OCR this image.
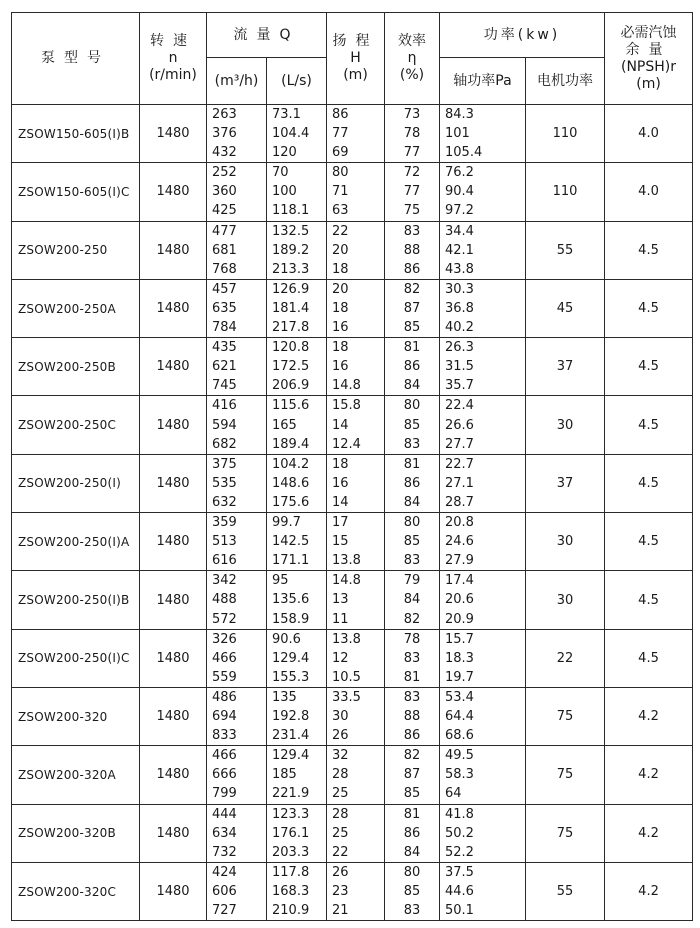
泵型号	转速
n
(r/min)	流量Q		扬程
H
(m)	效率
η
(%)	功率(kw)		必需汽蚀
余量
(NPSH)r
(m)

		(m³/h)	(L/s)			轴功率Pa	电机功率	
ZSOW150-605(I)B	1480	263
376
432	73.1
104.4
120	86
77
69	73
78
77	84.3
101
105.4	110	4.0
ZSOW150-605(I)C	1480	252
360
425	70
100
118.1	80
71
63	72
77
75	76.2
90.4
97.2	110	4.0
ZSOW200-250	1480	477
681
768	132.5
189.2
213.3	22
20
18	83
88
86	34.4
42.1
43.8	55	4.5
ZSOW200-250A	1480	457
635
784	126.9
181.4
217.8	20
18
16	82
87
85	30.3
36.8
40.2	45	4.5
ZSOW200-250B	1480	435
621
745	120.8
172.5
206.9	18
16
14.8	81
86
84	26.3
31.5
35.7	37	4.5
ZSOW200-250C	1480	416
594
682	115.6
165
189.4	15.8
14
12.4	80
85
83	22.4
26.6
27.7	30	4.5
ZSOW200-250(I)	1480	375
535
632	104.2
148.6
175.6	18
16
14	81
86
84	22.7
27.1
28.7	37	4.5
ZSOW200-250(I)A	1480	359
513
616	99.7
142.5
171.1	17
15
13.8	80
85
83	20.8
24.6
27.9	30	4.5
ZSOW200-250(I)B	1480	342
488
572	95
135.6
158.9	14.8
13
11	79
84
82	17.4
20.6
20.9	30	4.5
ZSOW200-250(I)C	1480	326
466
559	90.6
129.4
155.3	13.8
12
10.5	78
83
81	15.7
18.3
19.7	22	4.5
ZSOW200-320	1480	486
694
833	135
192.8
231.4	33.5
30
26	83
88
86	53.4
64.4
68.6	75	4.2
ZSOW200-320A	1480	466
666
799	129.4
185
221.9	32
28
25	82
87
85	49.5
58.3
64	75	4.2
ZSOW200-320B	1480	444
634
732	123.3
176.1
203.3	28
25
22	81
86
84	41.8
50.2
52.2	75	4.2
ZSOW200-320C	1480	424
606
727	117.8
168.3
210.9	26
23
21	80
85
83	37.5
44.6
50.1	55	4.2
